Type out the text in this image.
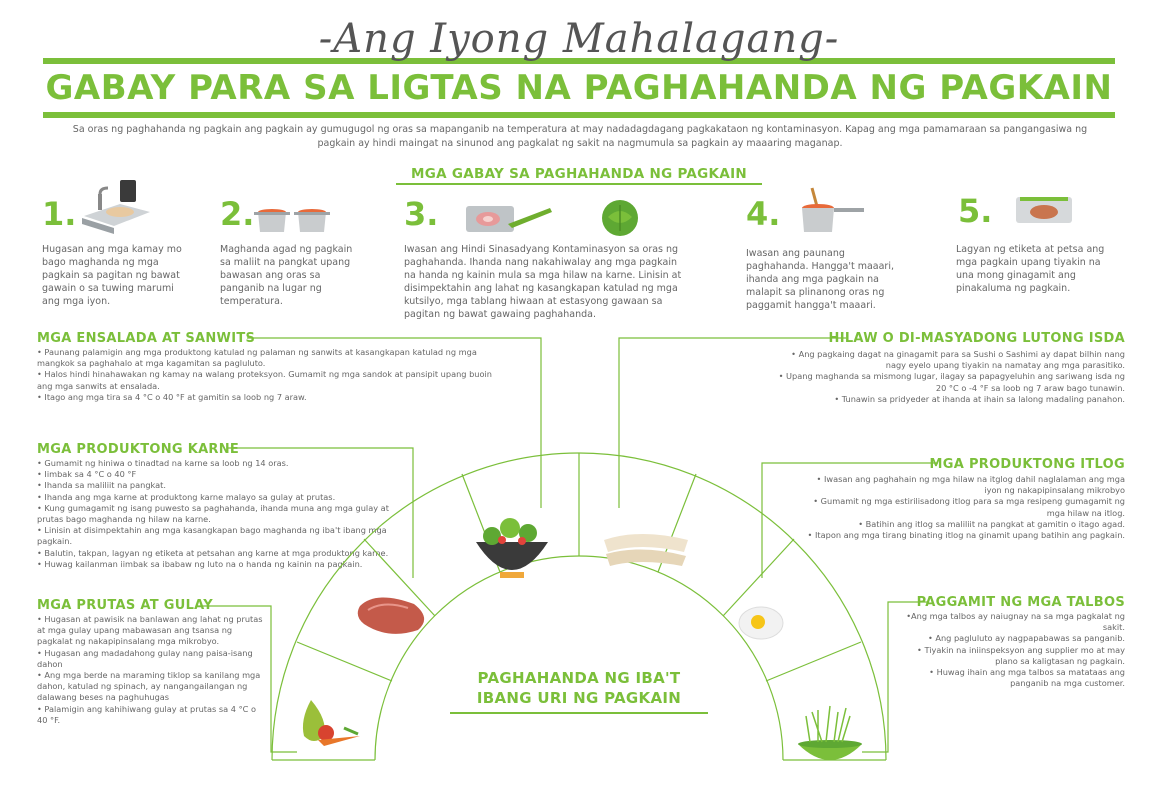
-Ang Iyong Mahalagang-
GABAY PARA SA LIGTAS NA PAGHAHANDA NG PAGKAIN
Sa oras ng paghahanda ng pagkain ang pagkain ay gumugugol ng oras sa mapanganib na temperatura at may nadadagdagang pagkakataon ng kontaminasyon. Kapag ang mga pamamaraan sa pangangasiwa ng pagkain ay hindi maingat na sinunod ang pagkalat ng sakit na nagmumula sa pagkain ay maaaring maganap.
MGA GABAY SA PAGHAHANDA NG PAGKAIN
1.
Hugasan ang mga kamay mo bago maghanda ng mga pagkain sa pagitan ng bawat gawain o sa tuwing marumi ang mga iyon.
2.
Maghanda agad ng pagkain sa maliit na pangkat upang bawasan ang oras sa panganib na lugar ng temperatura.
3.
Iwasan ang Hindi Sinasadyang Kontaminasyon sa oras ng paghahanda. Ihanda nang nakahiwalay ang mga pagkain na handa ng kainin mula sa mga hilaw na karne. Linisin at disimpektahin ang lahat ng kasangkapan katulad ng mga kutsilyo, mga tablang hiwaan at estasyong gawaan sa pagitan ng bawat gawaing paghahanda.
4.
Iwasan ang paunang paghahanda. Hangga't maaari, ihanda ang mga pagkain na malapit sa plinanong oras ng paggamit hangga't maaari.
5.
Lagyan ng etiketa at petsa ang mga pagkain upang tiyakin na una mong ginagamit ang pinakaluma ng pagkain.
MGA ENSALADA AT SANWITS
• Paunang palamigin ang mga produktong katulad ng palaman ng sanwits at kasangkapan katulad ng mga mangkok sa paghahalo at mga kagamitan sa pagluluto.
• Halos hindi hinahawakan ng kamay na walang proteksyon. Gumamit ng mga sandok at pansipit upang buoin ang mga sanwits at ensalada.
• Itago ang mga tira sa 4 °C o 40 °F at gamitin sa loob ng 7 araw.
MGA PRODUKTONG KARNE
• Gumamit ng hiniwa o tinadtad na karne sa loob ng 14 oras.
• Iimbak sa 4 °C o 40 °F
• Ihanda sa maliliit na pangkat.
• Ihanda ang mga karne at produktong karne malayo sa gulay at prutas.
• Kung gumagamit ng isang puwesto sa paghahanda, ihanda muna ang mga gulay at prutas bago maghanda ng hilaw na karne.
• Linisin at disimpektahin ang mga kasangkapan bago maghanda ng iba't ibang mga pagkain.
• Balutin, takpan, lagyan ng etiketa at petsahan ang karne at mga produktong karne.
• Huwag kailanman iimbak sa ibabaw ng luto na o handa ng kainin na pagkain.
MGA PRUTAS AT GULAY
• Hugasan at pawisik na banlawan ang lahat ng prutas at mga gulay upang mabawasan ang tsansa ng pagkalat ng nakapipinsalang mga mikrobyo.
• Hugasan ang madadahong gulay nang paisa-isang dahon
• Ang mga berde na maraming tiklop sa kanilang mga dahon, katulad ng spinach, ay nangangailangan ng dalawang beses na paghuhugas
• Palamigin ang kahihiwang gulay at prutas sa 4 °C o 40 °F.
HILAW O DI-MASYADONG LUTONG ISDA
• Ang pagkaing dagat na ginagamit para sa Sushi o Sashimi ay dapat bilhin nang nagy eyelo upang tiyakin na namatay ang mga parasitiko.
• Upang maghanda sa mismong lugar, ilagay sa papagyeluhin ang sariwang isda ng 20 °C o -4 °F sa loob ng 7 araw bago tunawin.
• Tunawin sa pridyeder at ihanda at ihain sa lalong madaling panahon.
MGA PRODUKTONG ITLOG
• Iwasan ang paghahain ng mga hilaw na itglog dahil naglalaman ang mga iyon ng nakapipinsalang mikrobyo
• Gumamit ng mga estirilisadong itlog para sa mga resipeng gumagamit ng mga hilaw na itlog.
• Batihin ang itlog sa maliliit na pangkat at gamitin o itago agad.
• Itapon ang mga tirang binating itlog na ginamit upang batihin ang pagkain.
PAGGAMIT NG MGA TALBOS
•Ang mga talbos ay naiugnay na sa mga pagkalat ng sakit.
• Ang pagluluto ay nagpapabawas sa panganib.
• Tiyakin na iniinspeksyon ang supplier mo at may plano sa kaligtasan ng pagkain.
• Huwag ihain ang mga talbos sa matataas ang panganib na mga customer.
PAGHAHANDA NG IBA'T
IBANG URI NG PAGKAIN
